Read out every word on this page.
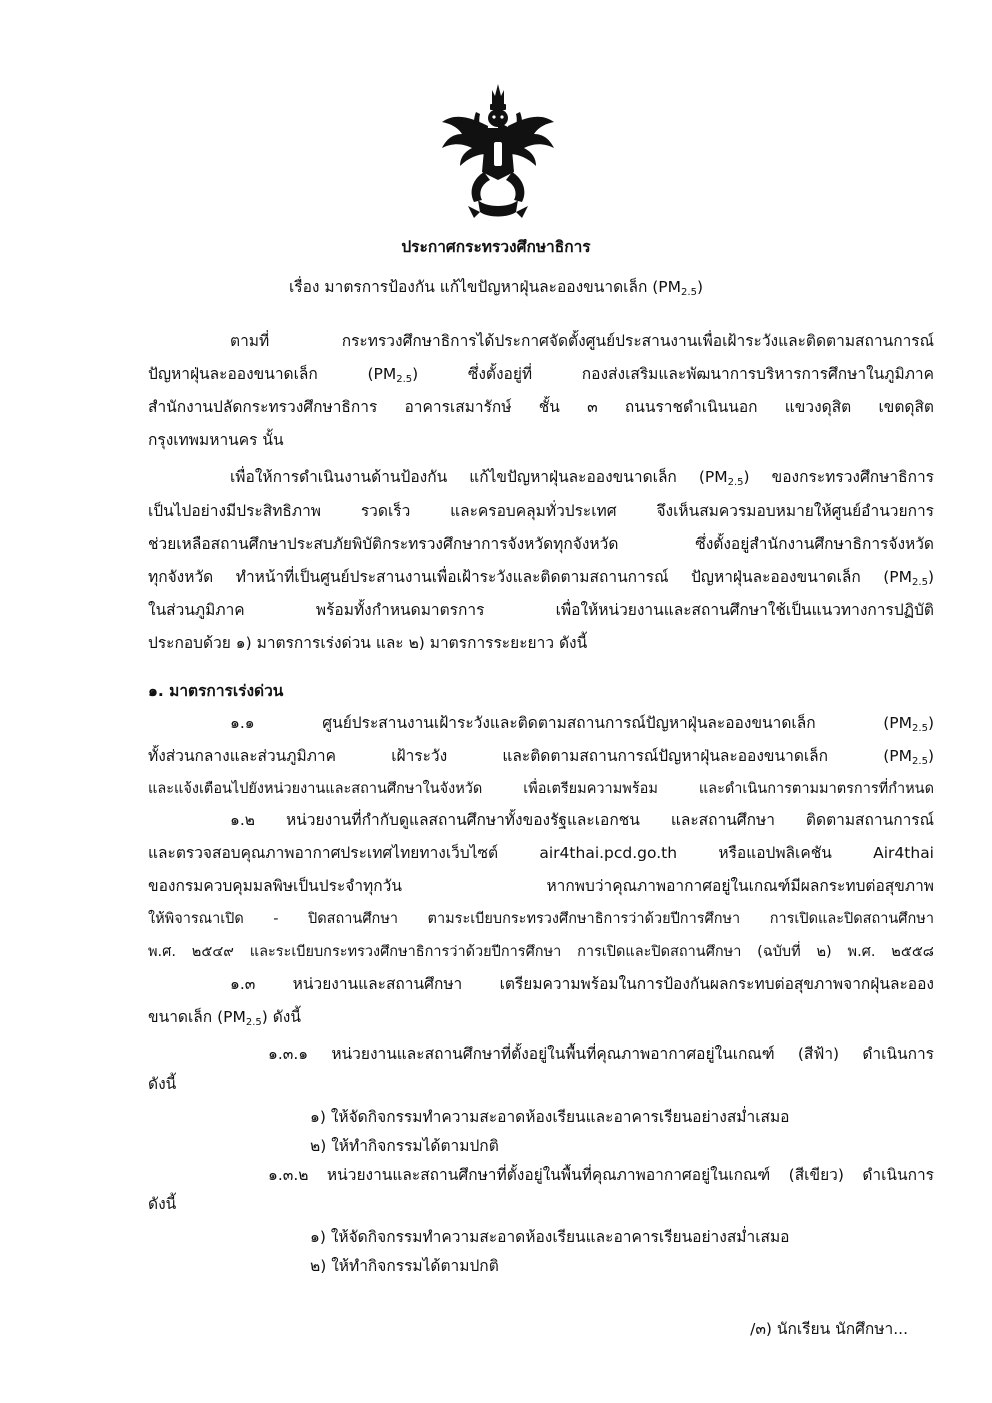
ประกาศกระทรวงศึกษาธิการ
เรื่อง มาตรการป้องกัน แก้ไขปัญหาฝุ่นละอองขนาดเล็ก $(PM_{2.5})$
ตามที่ กระทรวงศึกษาธิการได้ประกาศจัดตั้งศูนย์ประสานงานเพื่อเฝ้าระวังและติดตามสถานการณ์
ปัญหาฝุ่นละอองขนาดเล็ก $(PM_{2.5})$ ซึ่งตั้งอยู่ที่ กองส่งเสริมและพัฒนาการบริหารการศึกษาในภูมิภาค
สำนักงานปลัดกระทรวงศึกษาธิการ อาคารเสมารักษ์ ชั้น ๓ ถนนราชดำเนินนอก แขวงดุสิต เขตดุสิต
กรุงเทพมหานคร นั้น
เพื่อให้การดำเนินงานด้านป้องกัน แก้ไขปัญหาฝุ่นละอองขนาดเล็ก $(PM_{2.5})$ ของกระทรวงศึกษาธิการ
เป็นไปอย่างมีประสิทธิภาพ รวดเร็ว และครอบคลุมทั่วประเทศ จึงเห็นสมควรมอบหมายให้ศูนย์อำนวยการ
ช่วยเหลือสถานศึกษาประสบภัยพิบัติกระทรวงศึกษาการจังหวัดทุกจังหวัด ซึ่งตั้งอยู่สำนักงานศึกษาธิการจังหวัด
ทุกจังหวัด ทำหน้าที่เป็นศูนย์ประสานงานเพื่อเฝ้าระวังและติดตามสถานการณ์ ปัญหาฝุ่นละอองขนาดเล็ก $(PM_{2.5})$
ในส่วนภูมิภาค พร้อมทั้งกำหนดมาตรการ เพื่อให้หน่วยงานและสถานศึกษาใช้เป็นแนวทางการปฏิบัติ
ประกอบด้วย ๑) มาตรการเร่งด่วน และ ๒) มาตรการระยะยาว ดังนี้
๑. มาตรการเร่งด่วน
๑.๑ ศูนย์ประสานงานเฝ้าระวังและติดตามสถานการณ์ปัญหาฝุ่นละอองขนาดเล็ก $(PM_{2.5})$
ทั้งส่วนกลางและส่วนภูมิภาค เฝ้าระวัง และติดตามสถานการณ์ปัญหาฝุ่นละอองขนาดเล็ก $(PM_{2.5})$
และแจ้งเตือนไปยังหน่วยงานและสถานศึกษาในจังหวัด เพื่อเตรียมความพร้อม และดำเนินการตามมาตรการที่กำหนด
๑.๒ หน่วยงานที่กำกับดูแลสถานศึกษาทั้งของรัฐและเอกชน และสถานศึกษา ติดตามสถานการณ์
และตรวจสอบคุณภาพอากาศประเทศไทยทางเว็บไซต์ air4thai.pcd.go.th หรือแอปพลิเคชัน Air4thai
ของกรมควบคุมมลพิษเป็นประจำทุกวัน หากพบว่าคุณภาพอากาศอยู่ในเกณฑ์มีผลกระทบต่อสุขภาพ
ให้พิจารณาเปิด - ปิดสถานศึกษา ตามระเบียบกระทรวงศึกษาธิการว่าด้วยปีการศึกษา การเปิดและปิดสถานศึกษา
พ.ศ. ๒๕๔๙ และระเบียบกระทรวงศึกษาธิการว่าด้วยปีการศึกษา การเปิดและปิดสถานศึกษา (ฉบับที่ ๒) พ.ศ. ๒๕๕๘
๑.๓ หน่วยงานและสถานศึกษา เตรียมความพร้อมในการป้องกันผลกระทบต่อสุขภาพจากฝุ่นละออง
ขนาดเล็ก $(PM_{2.5})$ ดังนี้
๑.๓.๑ หน่วยงานและสถานศึกษาที่ตั้งอยู่ในพื้นที่คุณภาพอากาศอยู่ในเกณฑ์ (สีฟ้า) ดำเนินการ
ดังนี้
๑) ให้จัดกิจกรรมทำความสะอาดห้องเรียนและอาคารเรียนอย่างสม่ำเสมอ
๒) ให้ทำกิจกรรมได้ตามปกติ
๑.๓.๒ หน่วยงานและสถานศึกษาที่ตั้งอยู่ในพื้นที่คุณภาพอากาศอยู่ในเกณฑ์ (สีเขียว) ดำเนินการ
ดังนี้
๑) ให้จัดกิจกรรมทำความสะอาดห้องเรียนและอาคารเรียนอย่างสม่ำเสมอ
๒) ให้ทำกิจกรรมได้ตามปกติ
/๓) นักเรียน นักศึกษา...
